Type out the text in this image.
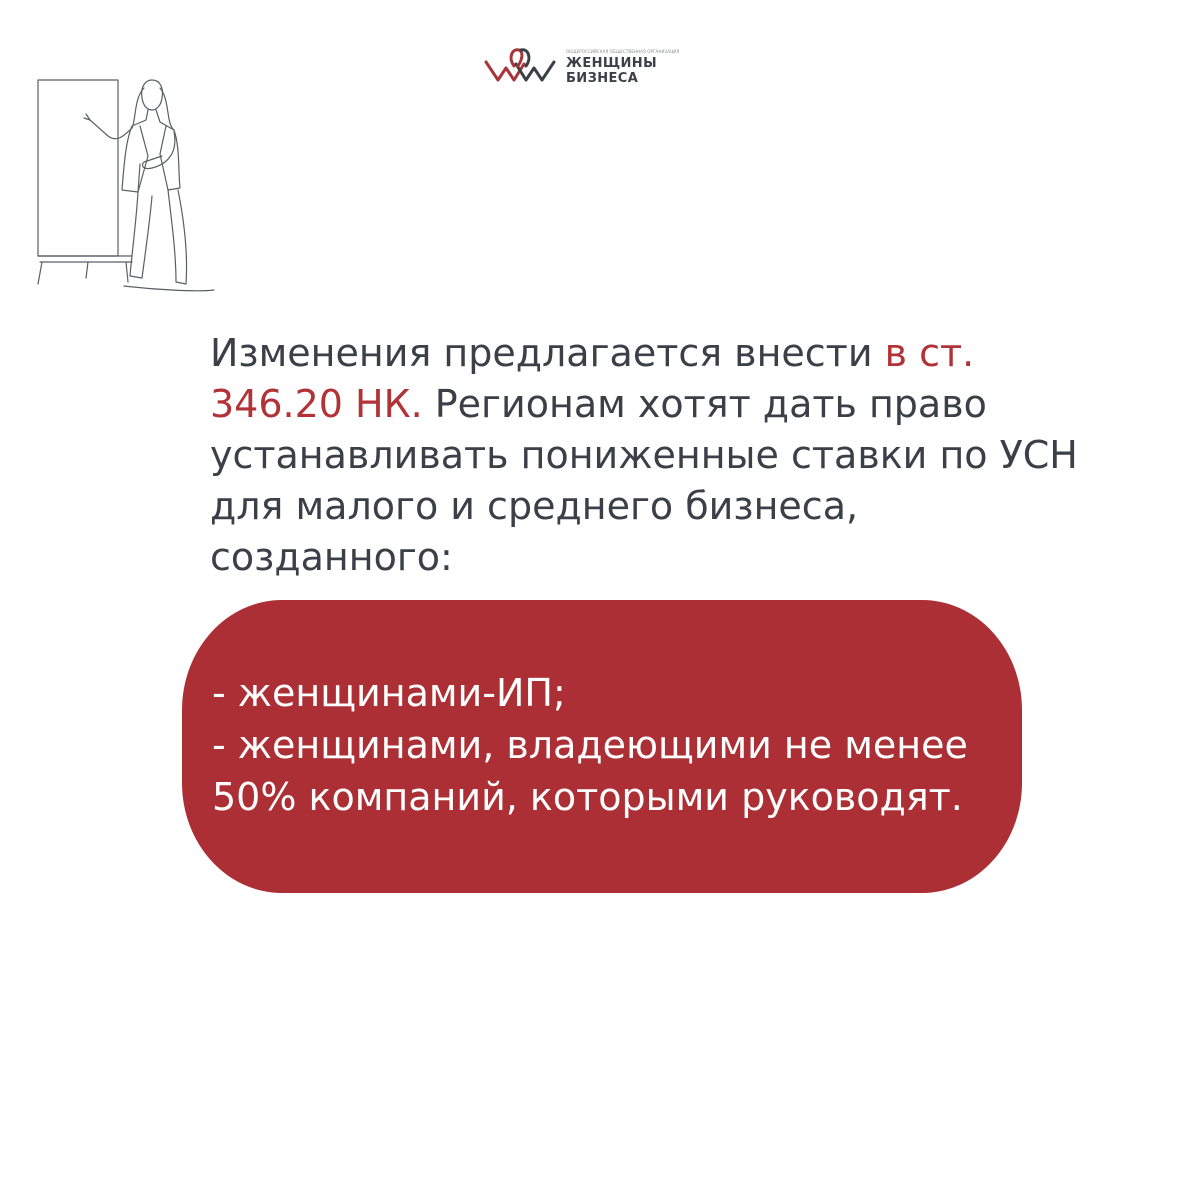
ОБЩЕРОССИЙСКАЯ ОБЩЕСТВЕННАЯ ОРГАНИЗАЦИЯ
ЖЕНЩИНЫ
БИЗНЕСА

Изменения предлагается внести в ст. 346.20 НК. Регионам хотят дать право устанавливать пониженные ставки по УСН для малого и среднего бизнеса, созданного:

- женщинами-ИП;
- женщинами, владеющими не менее 50% компаний, которыми руководят.
